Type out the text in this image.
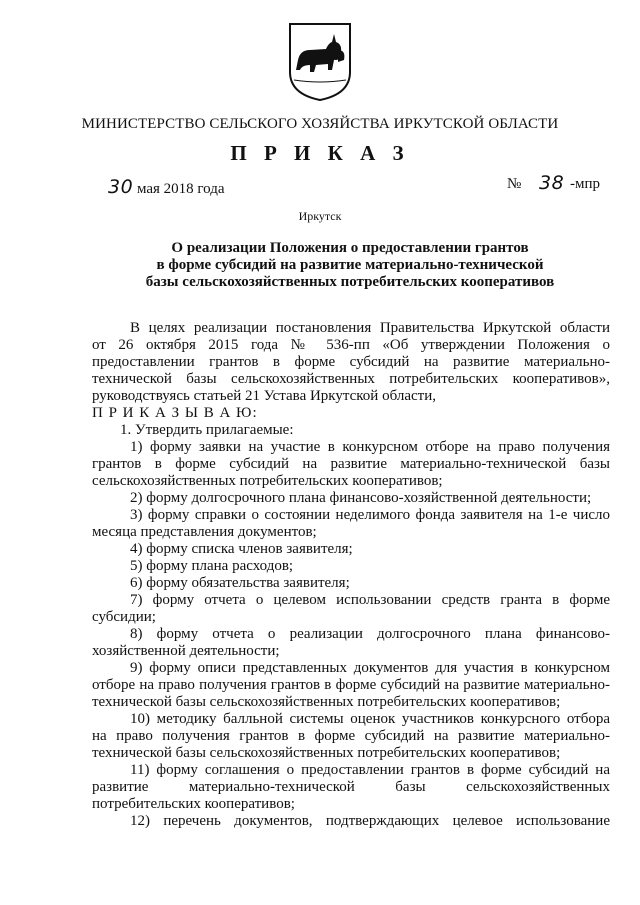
МИНИСТЕРСТВО СЕЛЬСКОГО ХОЗЯЙСТВА ИРКУТСКОЙ ОБЛАСТИ
П Р И К А З
30 мая 2018 года	№ 38 -мпр
Иркутск
О реализации Положения о предоставлении грантов
в форме субсидий на развитие материально-технической
базы сельскохозяйственных потребительских кооперативов
В целях реализации постановления Правительства Иркутской области
от 26 октября 2015 года № 536-пп «Об утверждении Положения о
предоставлении грантов в форме субсидий на развитие материально-
технической базы сельскохозяйственных потребительских кооперативов»,
руководствуясь статьей 21 Устава Иркутской области,
П Р И К А З Ы В А Ю:
1. Утвердить прилагаемые:
1) форму заявки на участие в конкурсном отборе на право получения
грантов в форме субсидий на развитие материально-технической базы
сельскохозяйственных потребительских кооперативов;
2) форму долгосрочного плана финансово-хозяйственной деятельности;
3) форму справки о состоянии неделимого фонда заявителя на 1-е число
месяца представления документов;
4) форму списка членов заявителя;
5) форму плана расходов;
6) форму обязательства заявителя;
7) форму отчета о целевом использовании средств гранта в форме
субсидии;
8) форму отчета о реализации долгосрочного плана финансово-
хозяйственной деятельности;
9) форму описи представленных документов для участия в конкурсном
отборе на право получения грантов в форме субсидий на развитие материально-
технической базы сельскохозяйственных потребительских кооперативов;
10) методику балльной системы оценок участников конкурсного отбора
на право получения грантов в форме субсидий на развитие материально-
технической базы сельскохозяйственных потребительских кооперативов;
11) форму соглашения о предоставлении грантов в форме субсидий на
развитие материально-технической базы сельскохозяйственных
потребительских кооперативов;
12) перечень документов, подтверждающих целевое использование
